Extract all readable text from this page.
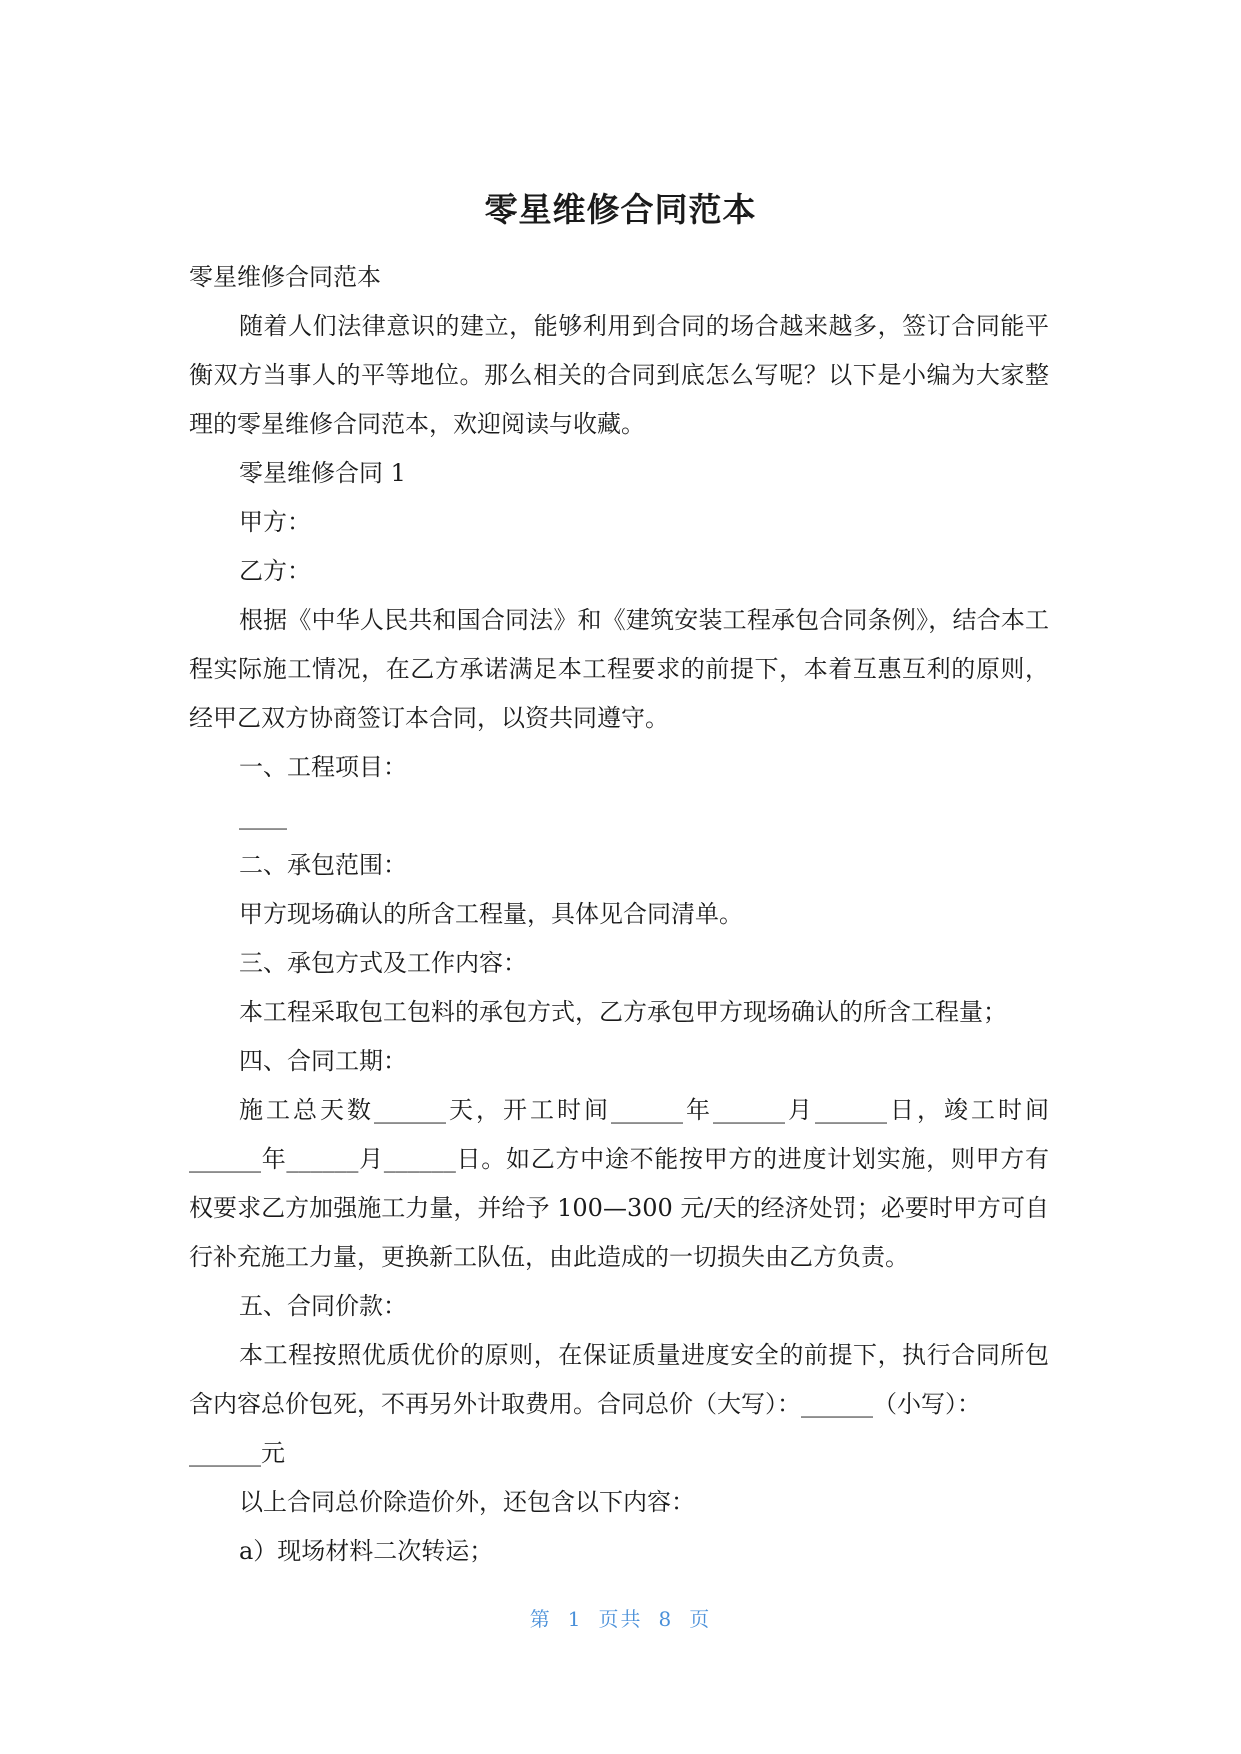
零星维修合同范本

零星维修合同范本

随着人们法律意识的建立，能够利用到合同的场合越来越多，签订合同能平衡双方当事人的平等地位。那么相关的合同到底怎么写呢？以下是小编为大家整理的零星维修合同范本，欢迎阅读与收藏。

零星维修合同 1

甲方：

乙方：

根据《中华人民共和国合同法》和《建筑安装工程承包合同条例》，结合本工程实际施工情况，在乙方承诺满足本工程要求的前提下，本着互惠互利的原则，经甲乙双方协商签订本合同，以资共同遵守。

一、工程项目：

____

二、承包范围：

甲方现场确认的所含工程量，具体见合同清单。

三、承包方式及工作内容：

本工程采取包工包料的承包方式，乙方承包甲方现场确认的所含工程量；

四、合同工期：

施工总天数______天，开工时间______年______月______日，竣工时间______年______月______日。如乙方中途不能按甲方的进度计划实施，则甲方有权要求乙方加强施工力量，并给予 100—300 元/天的经济处罚；必要时甲方可自行补充施工力量，更换新工队伍，由此造成的一切损失由乙方负责。

五、合同价款：

本工程按照优质优价的原则，在保证质量进度安全的前提下，执行合同所包含内容总价包死，不再另外计取费用。合同总价（大写）：______（小写）：

______元

以上合同总价除造价外，还包含以下内容：

a）现场材料二次转运；

第 1 页共 8 页
